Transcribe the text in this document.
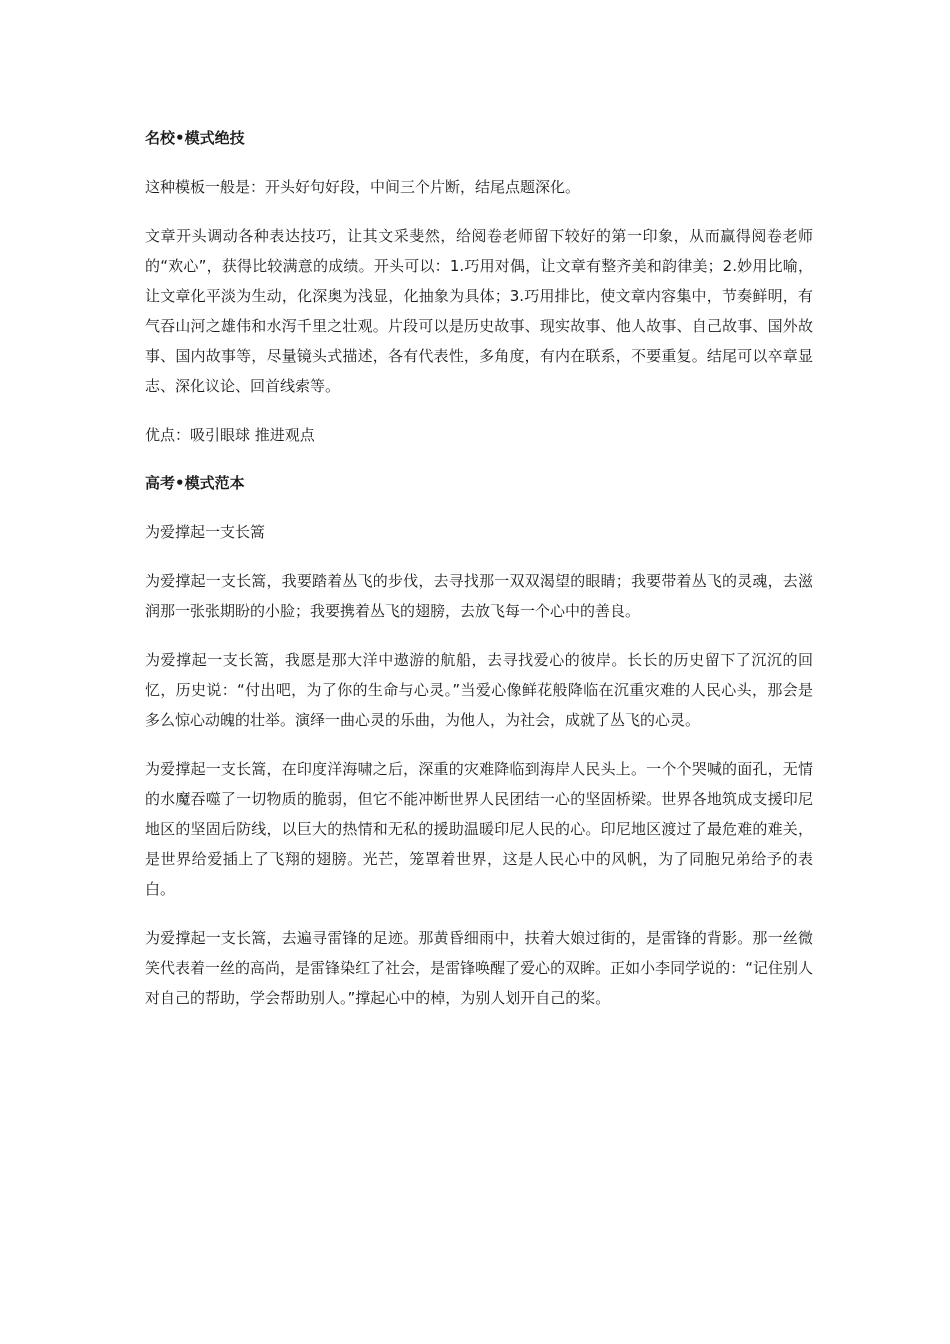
名校•模式绝技
这种模板一般是：开头好句好段，中间三个片断，结尾点题深化。
文章开头调动各种表达技巧，让其文采斐然，给阅卷老师留下较好的第一印象，从而赢得阅卷老师的“欢心”，获得比较满意的成绩。开头可以：1.巧用对偶，让文章有整齐美和韵律美；2.妙用比喻，让文章化平淡为生动，化深奥为浅显，化抽象为具体；3.巧用排比，使文章内容集中，节奏鲜明，有气吞山河之雄伟和水泻千里之壮观。片段可以是历史故事、现实故事、他人故事、自己故事、国外故事、国内故事等，尽量镜头式描述，各有代表性，多角度，有内在联系，不要重复。结尾可以卒章显志、深化议论、回首线索等。
优点：吸引眼球 推进观点
高考•模式范本
为爱撑起一支长篙
为爱撑起一支长篙，我要踏着丛飞的步伐，去寻找那一双双渴望的眼睛；我要带着丛飞的灵魂，去滋润那一张张期盼的小脸；我要携着丛飞的翅膀，去放飞每一个心中的善良。
为爱撑起一支长篙，我愿是那大洋中遨游的航船，去寻找爱心的彼岸。长长的历史留下了沉沉的回忆，历史说：“付出吧，为了你的生命与心灵。”当爱心像鲜花般降临在沉重灾难的人民心头，那会是多么惊心动魄的壮举。演绎一曲心灵的乐曲，为他人，为社会，成就了丛飞的心灵。
为爱撑起一支长篙，在印度洋海啸之后，深重的灾难降临到海岸人民头上。一个个哭喊的面孔，无情的水魔吞噬了一切物质的脆弱，但它不能冲断世界人民团结一心的坚固桥梁。世界各地筑成支援印尼地区的坚固后防线，以巨大的热情和无私的援助温暖印尼人民的心。印尼地区渡过了最危难的难关，是世界给爱插上了飞翔的翅膀。光芒，笼罩着世界，这是人民心中的风帆，为了同胞兄弟给予的表白。
为爱撑起一支长篙，去遍寻雷锋的足迹。那黄昏细雨中，扶着大娘过街的，是雷锋的背影。那一丝微笑代表着一丝的高尚，是雷锋染红了社会，是雷锋唤醒了爱心的双眸。正如小李同学说的：“记住别人对自己的帮助，学会帮助别人。”撑起心中的棹，为别人划开自己的桨。
